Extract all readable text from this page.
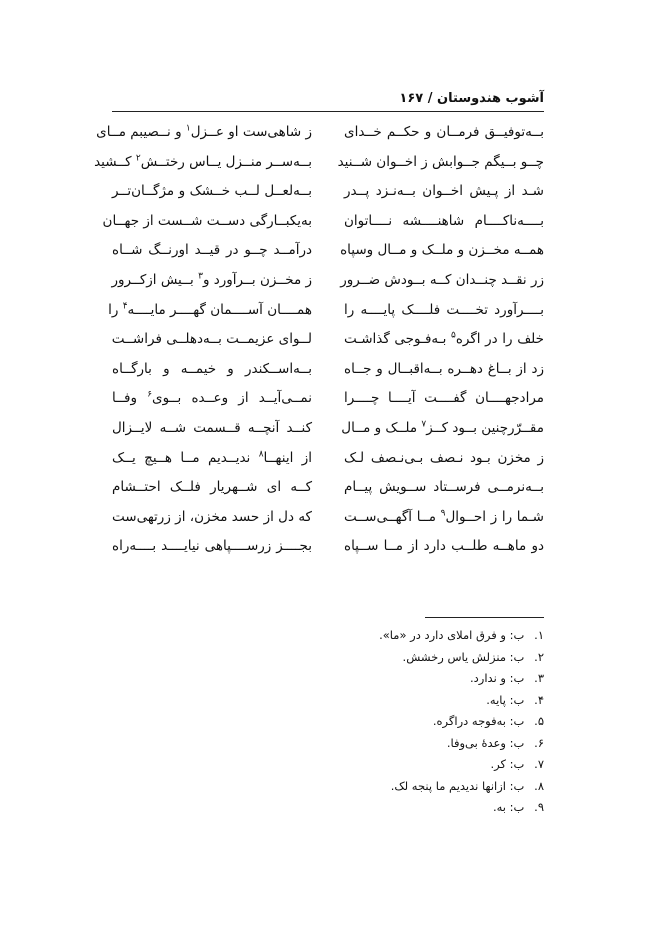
آشوب هندوستان / ۱۶۷
بــه‌توفیــق فرمــان و حکــم خــدای
ز شاهی‌ست او عــزل$^۱$ و نــصیبم مــای
چــو بــیگم جــوابش ز اخــوان شــنید
بــه‌ســر منــزل یــاس رختــش$^۲$ کــشید
شـد از پـیش اخــوان بــه‌نـزد پــدر
بــه‌لعــل لــب خــشک و مژگــان‌تــر
بــــه‌ناکــــام شاهنــــشه نــــاتوان
به‌یکبــارگی دســت شــست از جهــان
همــه مخــزن و ملــک و مــال وسپاه
درآمــد چــو در قیــد اورنــگ شــاه
زر نقــد چنــدان کــه بــودش ضــرور
ز مخــزن بــرآورد و$^۳$ بــیش ازکــرور
بــــرآورد تخــــت فلــــک پایــــه را
همــــان آســــمان گهــــر مایــــه$^۴$ را
خلف را در اگره$^۵$ بـه‌فـوجی گذاشـت
لــوای عزیمــت بــه‌دهلــی فراشــت
زد از بــاغ دهــره بــه‌اقبــال و جــاه
بــه‌اســکندر و خیمــه و بارگــاه
مرادجهــــان گفــــت آیــــا چــــرا
نمــی‌آیــد از وعــده بــوی$^۶$ وفــا
مقــرّرچنین بــود کــز$^۷$ ملــک و مــال
کنــد آنچــه قــسمت شــه لایــزال
ز مخزن بـود نـصف بـی‌نـصف لـک
از اینهــا$^۸$ ندیــدیم مــا هــیچ یــک
بــه‌نرمــی فرســتاد ســویش پیــام
کــه ای شــهریار فلــک احتــشام
شـما را ز احــوال$^۹$ مــا آگهــی‌ســت
که دل از حسد مخزن، از زرتهی‌ست
دو ماهــه طلــب دارد از مــا ســپاه
بجــــز زرســــپاهی نیایــــد بــــه‌راه
۱. ب: و فرق املای دارد در «ما».
۲. ب: منزلش یاس رخشش.
۳. ب: و ندارد.
۴. ب: پایه.
۵. ب: به‌فوجه دراگره.
۶. ب: وعدهٔ بی‌وفا.
۷. ب: کر.
۸. ب: ازانها ندیدیم ما پنجه لک.
۹. ب: به.
